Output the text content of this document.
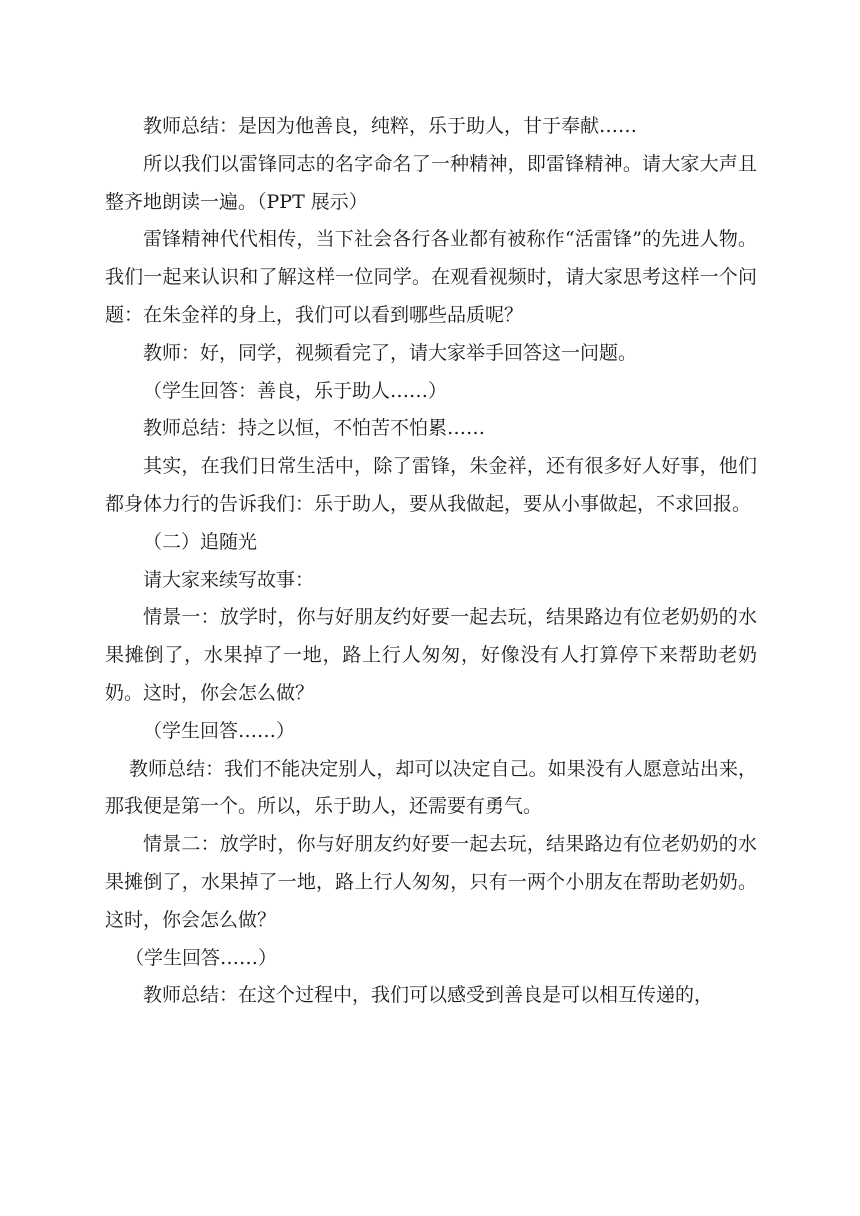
教师总结：是因为他善良，纯粹，乐于助人，甘于奉献……

所以我们以雷锋同志的名字命名了一种精神，即雷锋精神。请大家大声且整齐地朗读一遍。（PPT 展示）

雷锋精神代代相传，当下社会各行各业都有被称作“活雷锋”的先进人物。我们一起来认识和了解这样一位同学。在观看视频时，请大家思考这样一个问题：在朱金祥的身上，我们可以看到哪些品质呢？

教师：好，同学，视频看完了，请大家举手回答这一问题。

（学生回答：善良，乐于助人……）

教师总结：持之以恒，不怕苦不怕累……

其实，在我们日常生活中，除了雷锋，朱金祥，还有很多好人好事，他们都身体力行的告诉我们：乐于助人，要从我做起，要从小事做起，不求回报。

（二）追随光

请大家来续写故事：

情景一：放学时，你与好朋友约好要一起去玩，结果路边有位老奶奶的水果摊倒了，水果掉了一地，路上行人匆匆，好像没有人打算停下来帮助老奶奶。这时，你会怎么做？

（学生回答……）

教师总结：我们不能决定别人，却可以决定自己。如果没有人愿意站出来，那我便是第一个。所以，乐于助人，还需要有勇气。

情景二：放学时，你与好朋友约好要一起去玩，结果路边有位老奶奶的水果摊倒了，水果掉了一地，路上行人匆匆，只有一两个小朋友在帮助老奶奶。这时，你会怎么做？

（学生回答……）

教师总结：在这个过程中，我们可以感受到善良是可以相互传递的，
